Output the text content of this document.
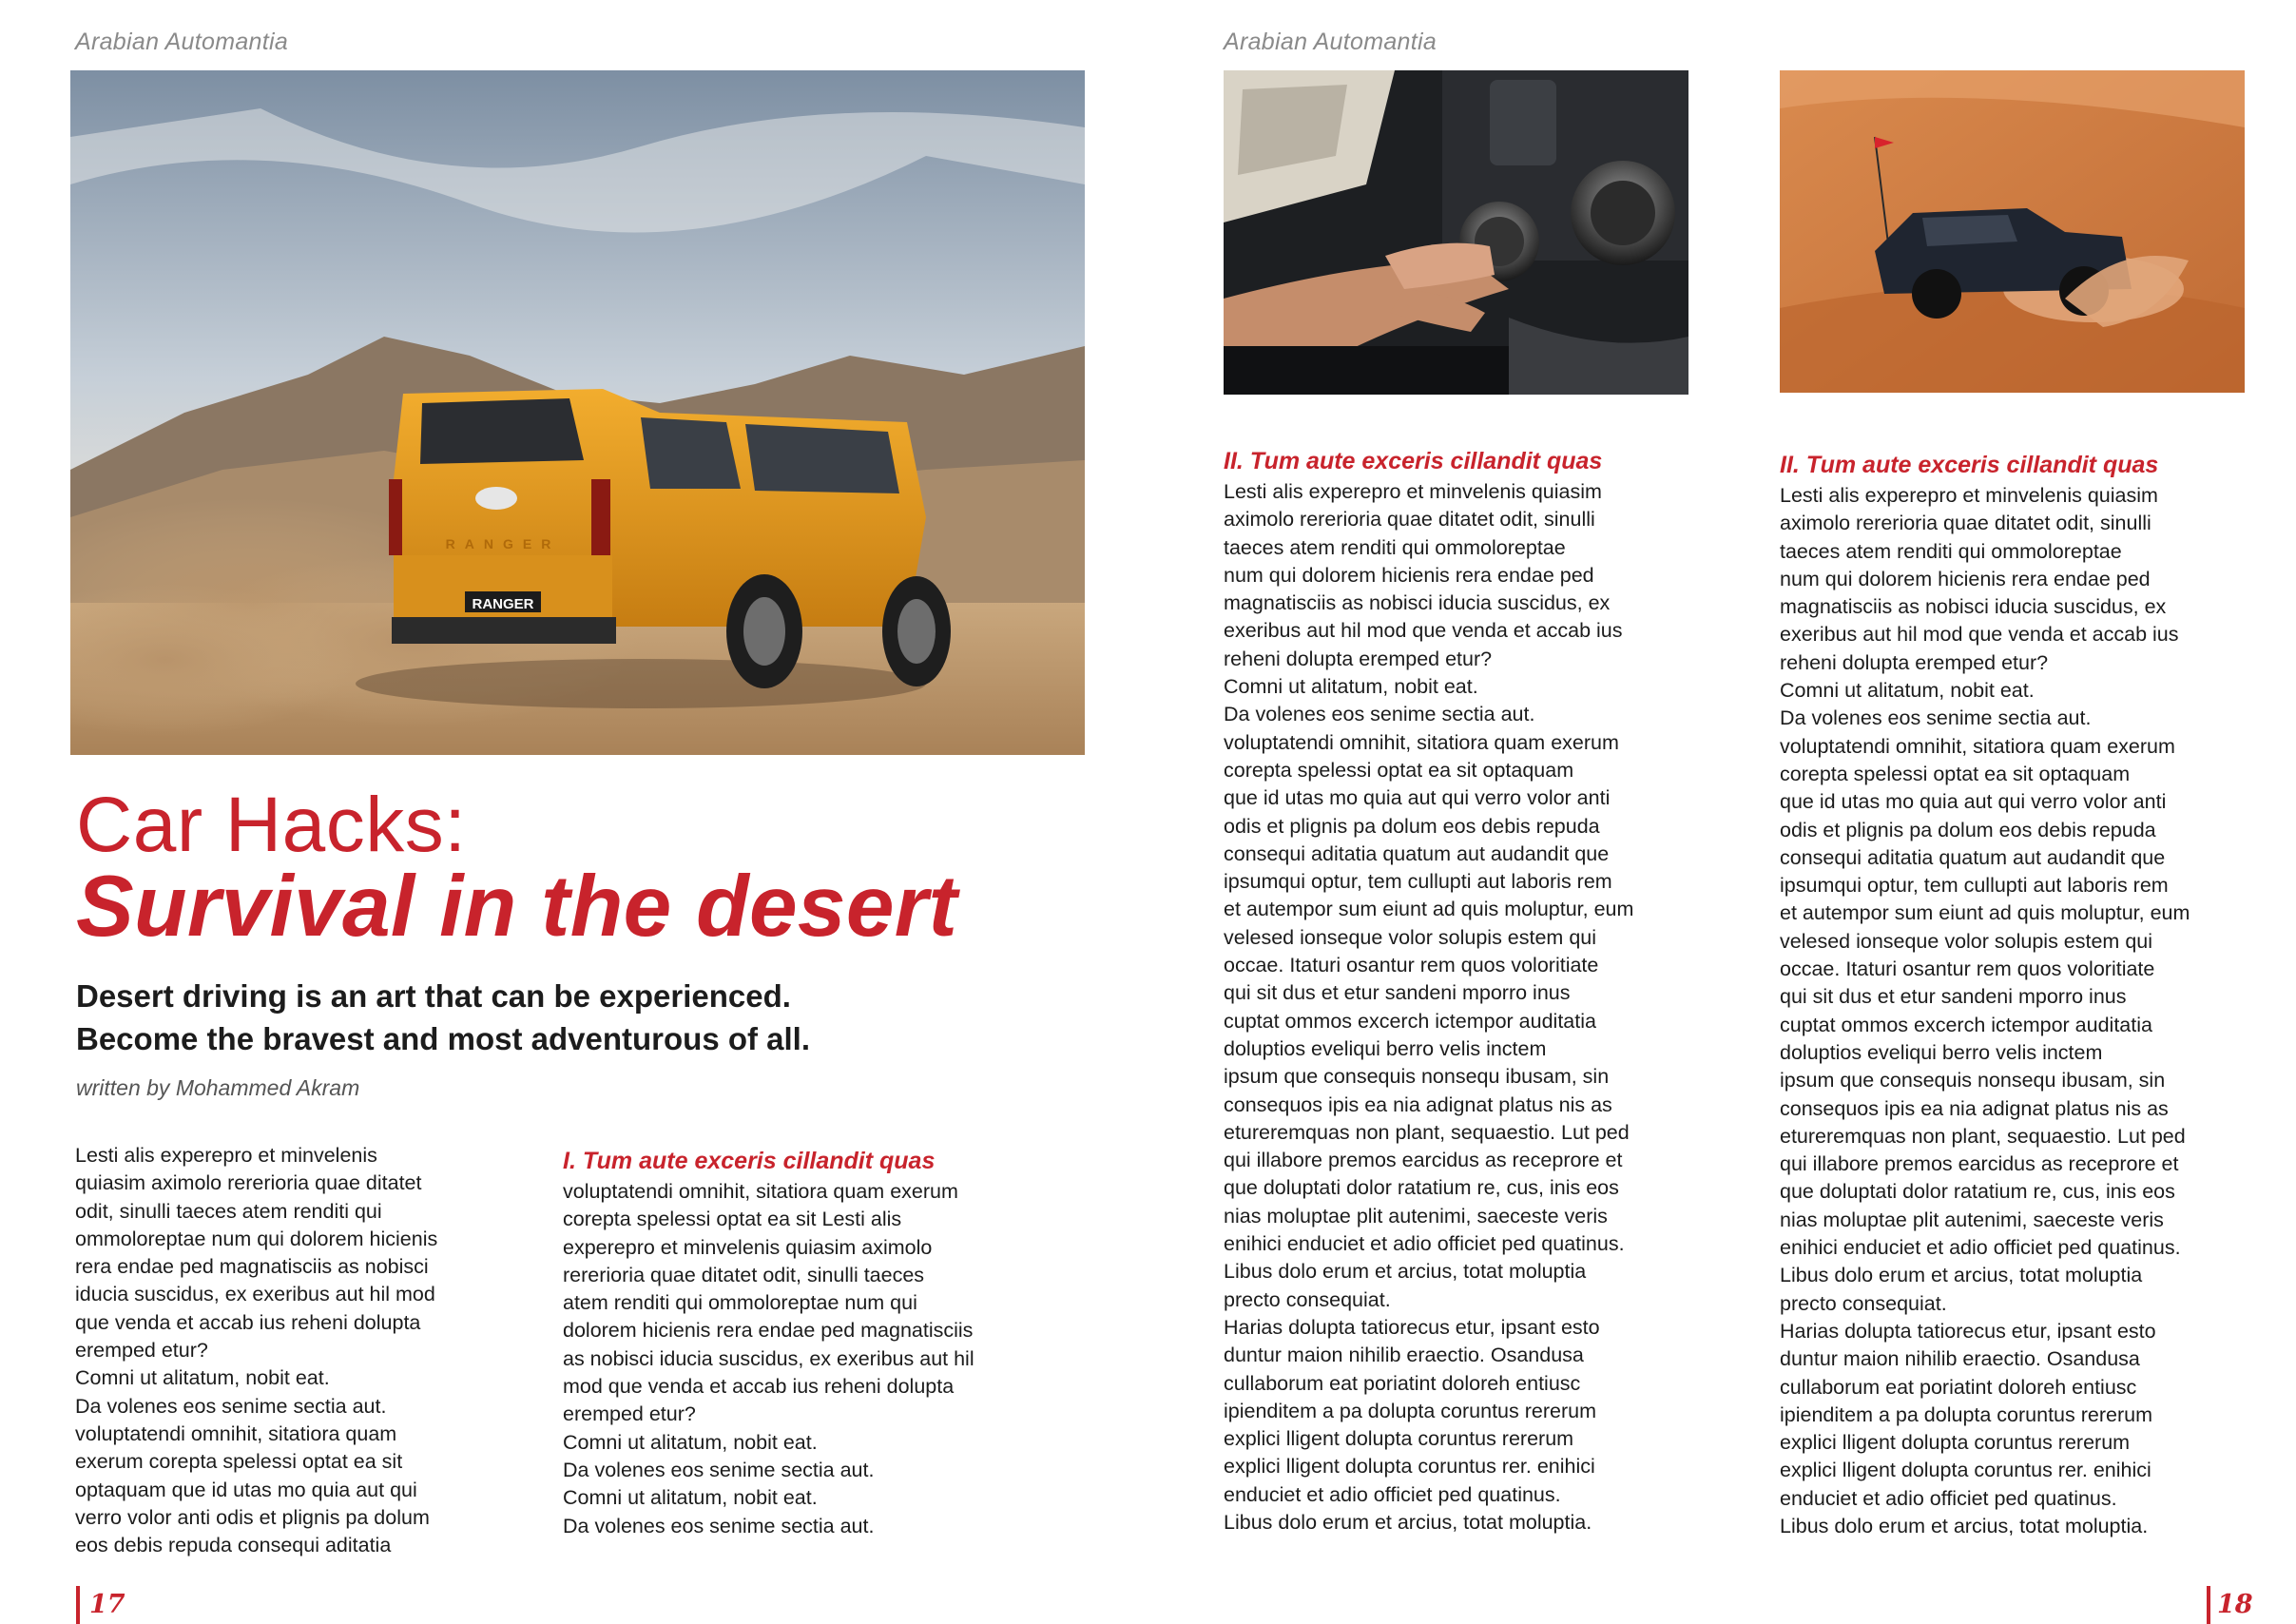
Arabian Automantia
RANGER
RANGER
Car Hacks:
Survival in the desert
Desert driving is an art that can be experienced.
Become the bravest and most adventurous of all.
written by Mohammed Akram

Lesti alis experepro et minvelenis
quiasim aximolo rererioria quae ditatet
odit, sinulli taeces atem renditi qui
ommoloreptae num qui dolorem hicienis
rera endae ped magnatisciis as nobisci
iducia suscidus, ex exeribus aut hil mod
que venda et accab ius reheni dolupta
eremped etur?
Comni ut alitatum, nobit eat.
Da volenes eos senime sectia aut.
voluptatendi omnihit, sitatiora quam
exerum corepta spelessi optat ea sit
optaquam que id utas mo quia aut qui
verro volor anti odis et plignis pa dolum
eos debis repuda consequi aditatia

I. Tum aute exceris cillandit quas

voluptatendi omnihit, sitatiora quam exerum
corepta spelessi optat ea sit Lesti alis
experepro et minvelenis quiasim aximolo
rererioria quae ditatet odit, sinulli taeces
atem renditi qui ommoloreptae num qui
dolorem hicienis rera endae ped magnatisciis
as nobisci iducia suscidus, ex exeribus aut hil
mod que venda et accab ius reheni dolupta
eremped etur?
Comni ut alitatum, nobit eat.
Da volenes eos senime sectia aut.
Comni ut alitatum, nobit eat.
Da volenes eos senime sectia aut.

17
Arabian Automantia
II. Tum aute exceris cillandit quas

Lesti alis experepro et minvelenis quiasim
aximolo rererioria quae ditatet odit, sinulli
taeces atem renditi qui ommoloreptae
num qui dolorem hicienis rera endae ped
magnatisciis as nobisci iducia suscidus, ex
exeribus aut hil mod que venda et accab ius
reheni dolupta eremped etur?
Comni ut alitatum, nobit eat.
Da volenes eos senime sectia aut.
voluptatendi omnihit, sitatiora quam exerum
corepta spelessi optat ea sit optaquam
que id utas mo quia aut qui verro volor anti
odis et plignis pa dolum eos debis repuda
consequi aditatia quatum aut audandit que
ipsumqui optur, tem cullupti aut laboris rem
et autempor sum eiunt ad quis moluptur, eum
velesed ionseque volor solupis estem qui
occae. Itaturi osantur rem quos voloritiate
qui sit dus et etur sandeni mporro inus
cuptat ommos excerch ictempor auditatia
doluptios eveliqui berro velis inctem
ipsum que consequis nonsequ ibusam, sin
consequos ipis ea nia adignat platus nis as
etureremquas non plant, sequaestio. Lut ped
qui illabore premos earcidus as receprore et
que doluptati dolor ratatium re, cus, inis eos
nias moluptae plit autenimi, saeceste veris
enihici enduciet et adio officiet ped quatinus.
Libus dolo erum et arcius, totat moluptia
precto consequiat.
Harias dolupta tatiorecus etur, ipsant esto
duntur maion nihilib eraectio. Osandusa
cullaborum eat poriatint doloreh entiusc
ipienditem a pa dolupta coruntus rererum
explici lligent dolupta coruntus rererum
explici lligent dolupta coruntus rer. enihici
enduciet et adio officiet ped quatinus.
Libus dolo erum et arcius, totat moluptia.

II. Tum aute exceris cillandit quas

Lesti alis experepro et minvelenis quiasim
aximolo rererioria quae ditatet odit, sinulli
taeces atem renditi qui ommoloreptae
num qui dolorem hicienis rera endae ped
magnatisciis as nobisci iducia suscidus, ex
exeribus aut hil mod que venda et accab ius
reheni dolupta eremped etur?
Comni ut alitatum, nobit eat.
Da volenes eos senime sectia aut.
voluptatendi omnihit, sitatiora quam exerum
corepta spelessi optat ea sit optaquam
que id utas mo quia aut qui verro volor anti
odis et plignis pa dolum eos debis repuda
consequi aditatia quatum aut audandit que
ipsumqui optur, tem cullupti aut laboris rem
et autempor sum eiunt ad quis moluptur, eum
velesed ionseque volor solupis estem qui
occae. Itaturi osantur rem quos voloritiate
qui sit dus et etur sandeni mporro inus
cuptat ommos excerch ictempor auditatia
doluptios eveliqui berro velis inctem
ipsum que consequis nonsequ ibusam, sin
consequos ipis ea nia adignat platus nis as
etureremquas non plant, sequaestio. Lut ped
qui illabore premos earcidus as receprore et
que doluptati dolor ratatium re, cus, inis eos
nias moluptae plit autenimi, saeceste veris
enihici enduciet et adio officiet ped quatinus.
Libus dolo erum et arcius, totat moluptia
precto consequiat.
Harias dolupta tatiorecus etur, ipsant esto
duntur maion nihilib eraectio. Osandusa
cullaborum eat poriatint doloreh entiusc
ipienditem a pa dolupta coruntus rererum
explici lligent dolupta coruntus rererum
explici lligent dolupta coruntus rer. enihici
enduciet et adio officiet ped quatinus.
Libus dolo erum et arcius, totat moluptia.

18
